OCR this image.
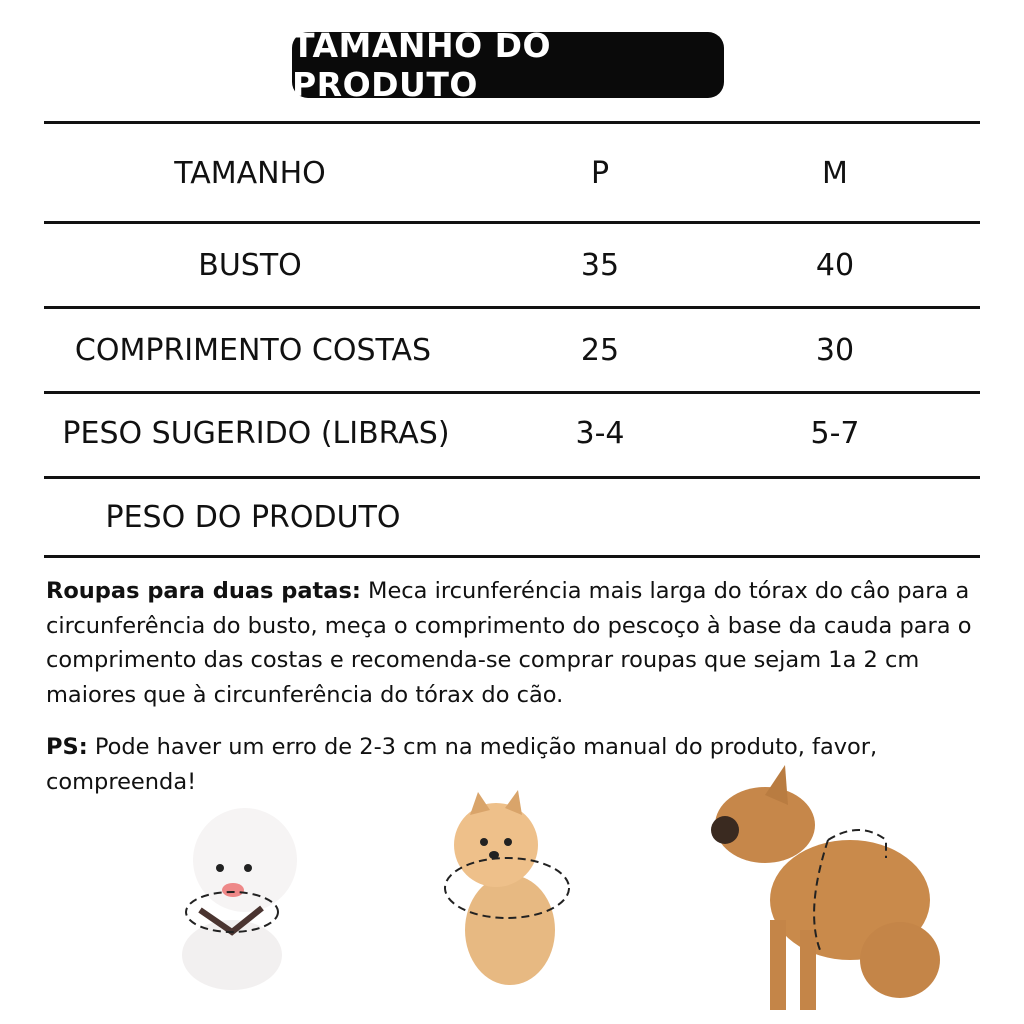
TAMANHO DO PRODUTO
TAMANHO	P	M
BUSTO	35	40
COMPRIMENTO COSTAS	25	30
PESO SUGERIDO (LIBRAS)	3-4	5-7
PESO DO PRODUTO
Roupas para duas patas: Meca ircunferéncia mais larga do tórax do câo para a circunferência do busto, meça o comprimento do pescoço à base da cauda para o comprimento das costas e recomenda-se comprar roupas que sejam 1a 2 cm maiores que à circunferência do tórax do cão.
PS: Pode haver um erro de 2-3 cm na medição manual do produto, favor, compreenda!
